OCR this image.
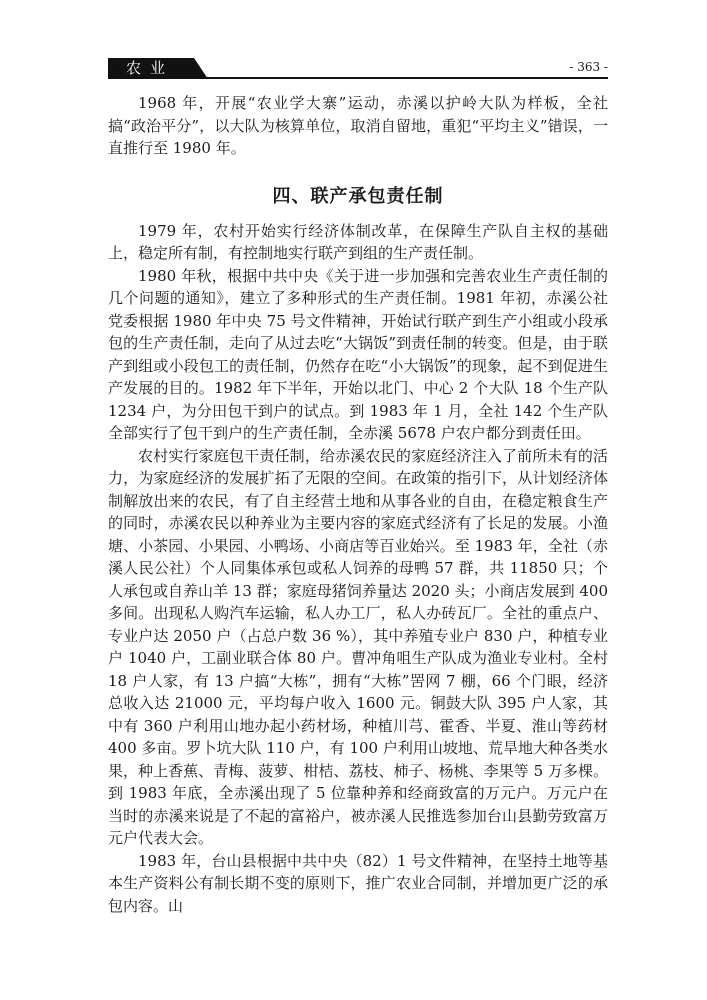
农业	- 363 -

1968 年，开展“农业学大寨”运动，赤溪以护岭大队为样板，全社搞“政治平分”，以大队为核算单位，取消自留地，重犯“平均主义”错误，一直推行至 1980 年。

四、联产承包责任制

1979 年，农村开始实行经济体制改革，在保障生产队自主权的基础上，稳定所有制，有控制地实行联产到组的生产责任制。

1980 年秋，根据中共中央《关于进一步加强和完善农业生产责任制的几个问题的通知》，建立了多种形式的生产责任制。1981 年初，赤溪公社党委根据 1980 年中央 75 号文件精神，开始试行联产到生产小组或小段承包的生产责任制，走向了从过去吃“大锅饭”到责任制的转变。但是，由于联产到组或小段包工的责任制，仍然存在吃“小大锅饭”的现象，起不到促进生产发展的目的。1982 年下半年，开始以北门、中心 2 个大队 18 个生产队 1234 户，为分田包干到户的试点。到 1983 年 1 月，全社 142 个生产队全部实行了包干到户的生产责任制，全赤溪 5678 户农户都分到责任田。

农村实行家庭包干责任制，给赤溪农民的家庭经济注入了前所未有的活力，为家庭经济的发展扩拓了无限的空间。在政策的指引下，从计划经济体制解放出来的农民，有了自主经营土地和从事各业的自由，在稳定粮食生产的同时，赤溪农民以种养业为主要内容的家庭式经济有了长足的发展。小渔塘、小茶园、小果园、小鸭场、小商店等百业始兴。至 1983 年，全社（赤溪人民公社）个人同集体承包或私人饲养的母鸭 57 群，共 11850 只；个人承包或自养山羊 13 群；家庭母猪饲养量达 2020 头；小商店发展到 400 多间。出现私人购汽车运输，私人办工厂，私人办砖瓦厂。全社的重点户、专业户达 2050 户（占总户数 36 %），其中养殖专业户 830 户，种植专业户 1040 户，工副业联合体 80 户。曹冲角咀生产队成为渔业专业村。全村 18 户人家，有 13 户搞“大栋”，拥有“大栋”罟网 7 棚，66 个门眼，经济总收入达 21000 元，平均每户收入 1600 元。铜鼓大队 395 户人家，其中有 360 户利用山地办起小药材场，种植川芎、霍香、半夏、淮山等药材 400 多亩。罗卜坑大队 110 户，有 100 户利用山坡地、荒旱地大种各类水果，种上香蕉、青梅、菠萝、柑桔、荔枝、柿子、杨桃、李果等 5 万多棵。到 1983 年底，全赤溪出现了 5 位靠种养和经商致富的万元户。万元户在当时的赤溪来说是了不起的富裕户，被赤溪人民推选参加台山县勤劳致富万元户代表大会。

1983 年，台山县根据中共中央（82）1 号文件精神，在坚持土地等基本生产资料公有制长期不变的原则下，推广农业合同制，并增加更广泛的承包内容。山
